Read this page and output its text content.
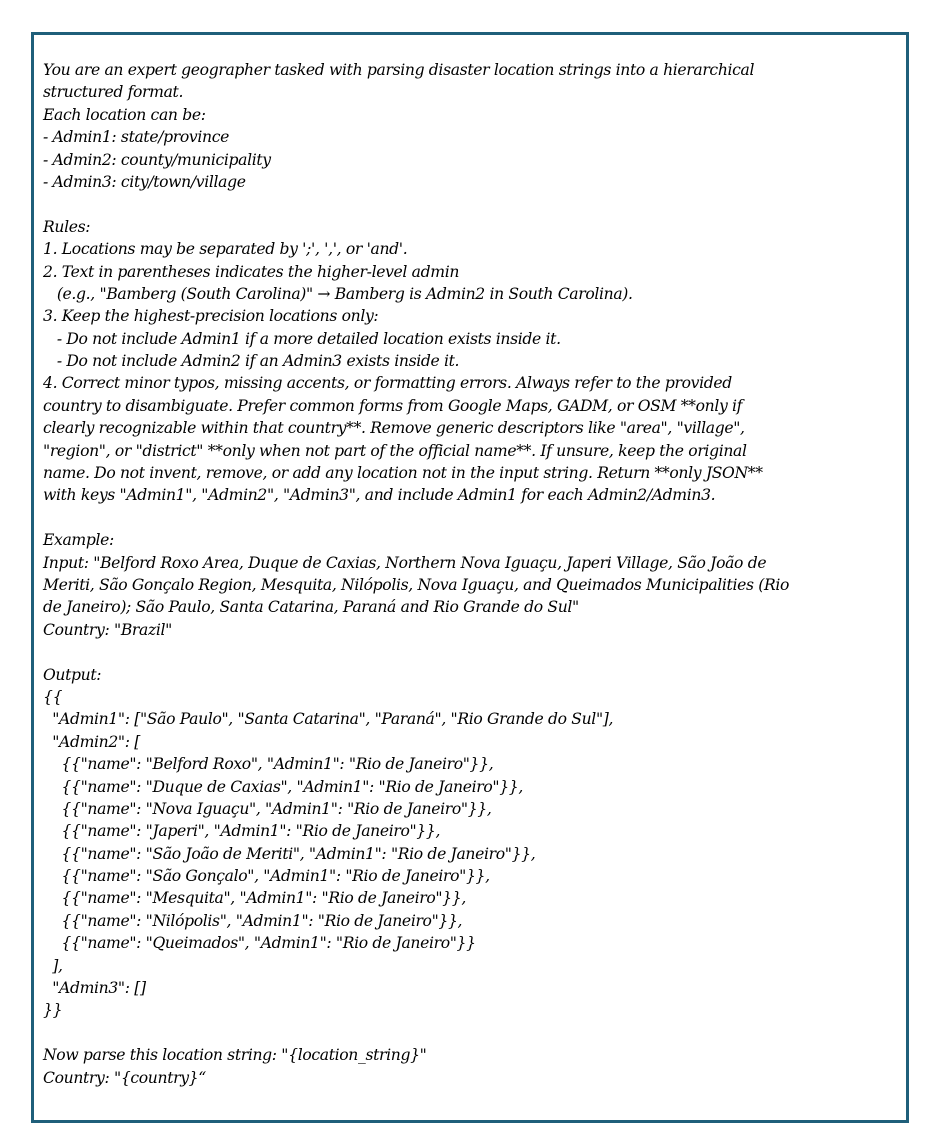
You are an expert geographer tasked with parsing disaster location strings into a hierarchical
structured format.
Each location can be:
- Admin1: state/province
- Admin2: county/municipality
- Admin3: city/town/village
Rules:
1. Locations may be separated by ';', ',', or 'and'.
2. Text in parentheses indicates the higher-level admin
(e.g., "Bamberg (South Carolina)" → Bamberg is Admin2 in South Carolina).
3. Keep the highest-precision locations only:
- Do not include Admin1 if a more detailed location exists inside it.
- Do not include Admin2 if an Admin3 exists inside it.
4. Correct minor typos, missing accents, or formatting errors. Always refer to the provided
country to disambiguate. Prefer common forms from Google Maps, GADM, or OSM **only if
clearly recognizable within that country**. Remove generic descriptors like "area", "village",
"region", or "district" **only when not part of the official name**. If unsure, keep the original
name. Do not invent, remove, or add any location not in the input string. Return **only JSON**
with keys "Admin1", "Admin2", "Admin3", and include Admin1 for each Admin2/Admin3.
Example:
Input: "Belford Roxo Area, Duque de Caxias, Northern Nova Iguaçu, Japeri Village, São João de
Meriti, São Gonçalo Region, Mesquita, Nilópolis, Nova Iguaçu, and Queimados Municipalities (Rio
de Janeiro); São Paulo, Santa Catarina, Paraná and Rio Grande do Sul"
Country: "Brazil"
Output:
{{
"Admin1": ["São Paulo", "Santa Catarina", "Paraná", "Rio Grande do Sul"],
"Admin2": [
{{"name": "Belford Roxo", "Admin1": "Rio de Janeiro"}},
{{"name": "Duque de Caxias", "Admin1": "Rio de Janeiro"}},
{{"name": "Nova Iguaçu", "Admin1": "Rio de Janeiro"}},
{{"name": "Japeri", "Admin1": "Rio de Janeiro"}},
{{"name": "São João de Meriti", "Admin1": "Rio de Janeiro"}},
{{"name": "São Gonçalo", "Admin1": "Rio de Janeiro"}},
{{"name": "Mesquita", "Admin1": "Rio de Janeiro"}},
{{"name": "Nilópolis", "Admin1": "Rio de Janeiro"}},
{{"name": "Queimados", "Admin1": "Rio de Janeiro"}}
],
"Admin3": []
}}
Now parse this location string: "{location_string}"
Country: "{country}“
